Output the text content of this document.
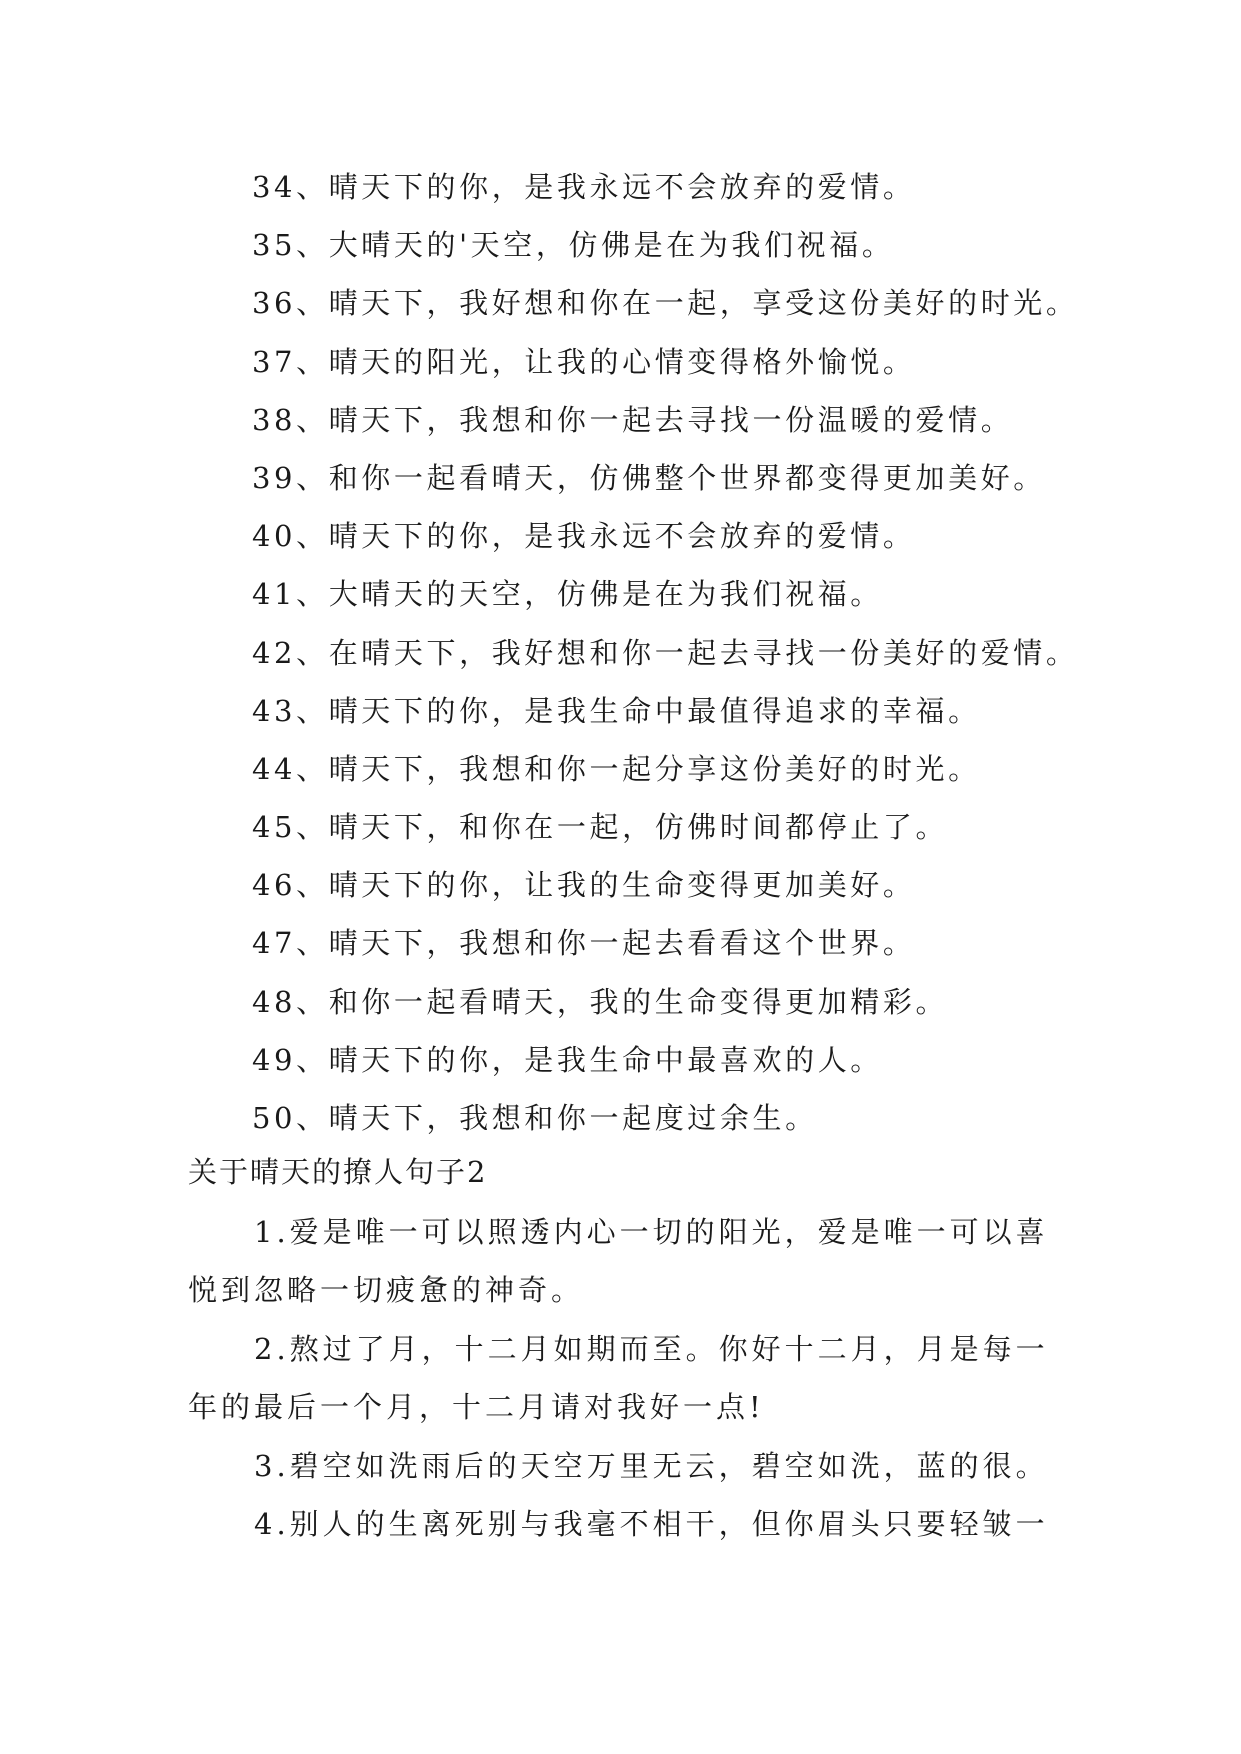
34、晴天下的你，是我永远不会放弃的爱情。
35、大晴天的'天空，仿佛是在为我们祝福。
36、晴天下，我好想和你在一起，享受这份美好的时光。
37、晴天的阳光，让我的心情变得格外愉悦。
38、晴天下，我想和你一起去寻找一份温暖的爱情。
39、和你一起看晴天，仿佛整个世界都变得更加美好。
40、晴天下的你，是我永远不会放弃的爱情。
41、大晴天的天空，仿佛是在为我们祝福。
42、在晴天下，我好想和你一起去寻找一份美好的爱情。
43、晴天下的你，是我生命中最值得追求的幸福。
44、晴天下，我想和你一起分享这份美好的时光。
45、晴天下，和你在一起，仿佛时间都停止了。
46、晴天下的你，让我的生命变得更加美好。
47、晴天下，我想和你一起去看看这个世界。
48、和你一起看晴天，我的生命变得更加精彩。
49、晴天下的你，是我生命中最喜欢的人。
50、晴天下，我想和你一起度过余生。
关于晴天的撩人句子2
1.爱是唯一可以照透内心一切的阳光，爱是唯一可以喜
悦到忽略一切疲惫的神奇。
2.熬过了月，十二月如期而至。你好十二月，月是每一
年的最后一个月，十二月请对我好一点!
3.碧空如洗雨后的天空万里无云，碧空如洗，蓝的很。
4.别人的生离死别与我毫不相干，但你眉头只要轻皱一
